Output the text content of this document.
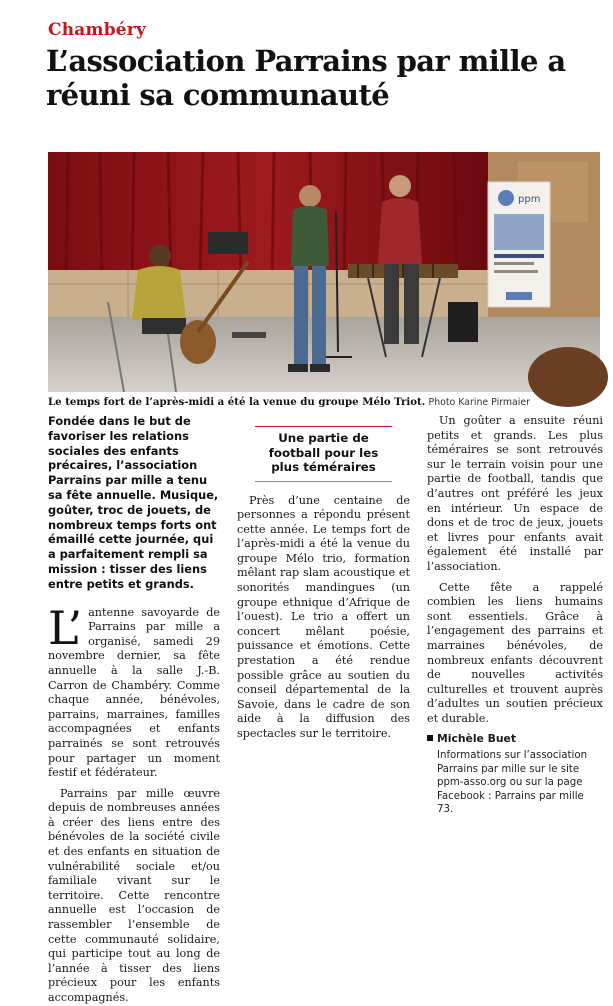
Chambéry
L’association Parrains par mille a réuni sa communauté
ppm
Le temps fort de l’après-midi a été la venue du groupe Mélo Triot. Photo Karine Pirmaier

Fondée dans le but de favoriser les relations sociales des enfants précaires, l’association Parrains par mille a tenu sa fête annuelle. Musique, goûter, troc de jouets, de nombreux temps forts ont émaillé cette journée, qui a parfaitement rempli sa mission : tisser des liens entre petits et grands.

L’ antenne savoyarde de Parrains par mille a organisé, samedi 29 novembre dernier, sa fête annuelle à la salle J.-B. Carron de Chambéry. Comme chaque année, bénévoles, parrains, marraines, familles accompagnées et enfants parrainés se sont retrouvés pour partager un moment festif et fédérateur.

Parrains par mille œuvre depuis de nombreuses années à créer des liens entre des bénévoles de la société civile et des enfants en situation de vulnérabilité sociale et/ou familiale vivant sur le territoire. Cette rencontre annuelle est l’occasion de rassembler l’ensemble de cette communauté solidaire, qui participe tout au long de l’année à tisser des liens précieux pour les enfants accompagnés.

Une partie de football pour les plus téméraires

Près d’une centaine de personnes a répondu présent cette année. Le temps fort de l’après-midi a été la venue du groupe Mélo trio, formation mêlant rap slam acoustique et sonorités mandingues (un groupe ethnique d’Afrique de l’ouest). Le trio a offert un concert mêlant poésie, puissance et émotions. Cette prestation a été rendue possible grâce au soutien du conseil départemental de la Savoie, dans le cadre de son aide à la diffusion des spectacles sur le territoire.

Un goûter a ensuite réuni petits et grands. Les plus téméraires se sont retrouvés sur le terrain voisin pour une partie de football, tandis que d’autres ont préféré les jeux en intérieur. Un espace de dons et de troc de jeux, jouets et livres pour enfants avait également été installé par l’association.

Cette fête a rappelé combien les liens humains sont essentiels. Grâce à l’engagement des parrains et marraines bénévoles, de nombreux enfants découvrent de nouvelles activités culturelles et trouvent auprès d’adultes un soutien précieux et durable.

Michèle Buet

Informations sur l’association Parrains par mille sur le site ppm-asso.org ou sur la page Facebook : Parrains par mille 73.
